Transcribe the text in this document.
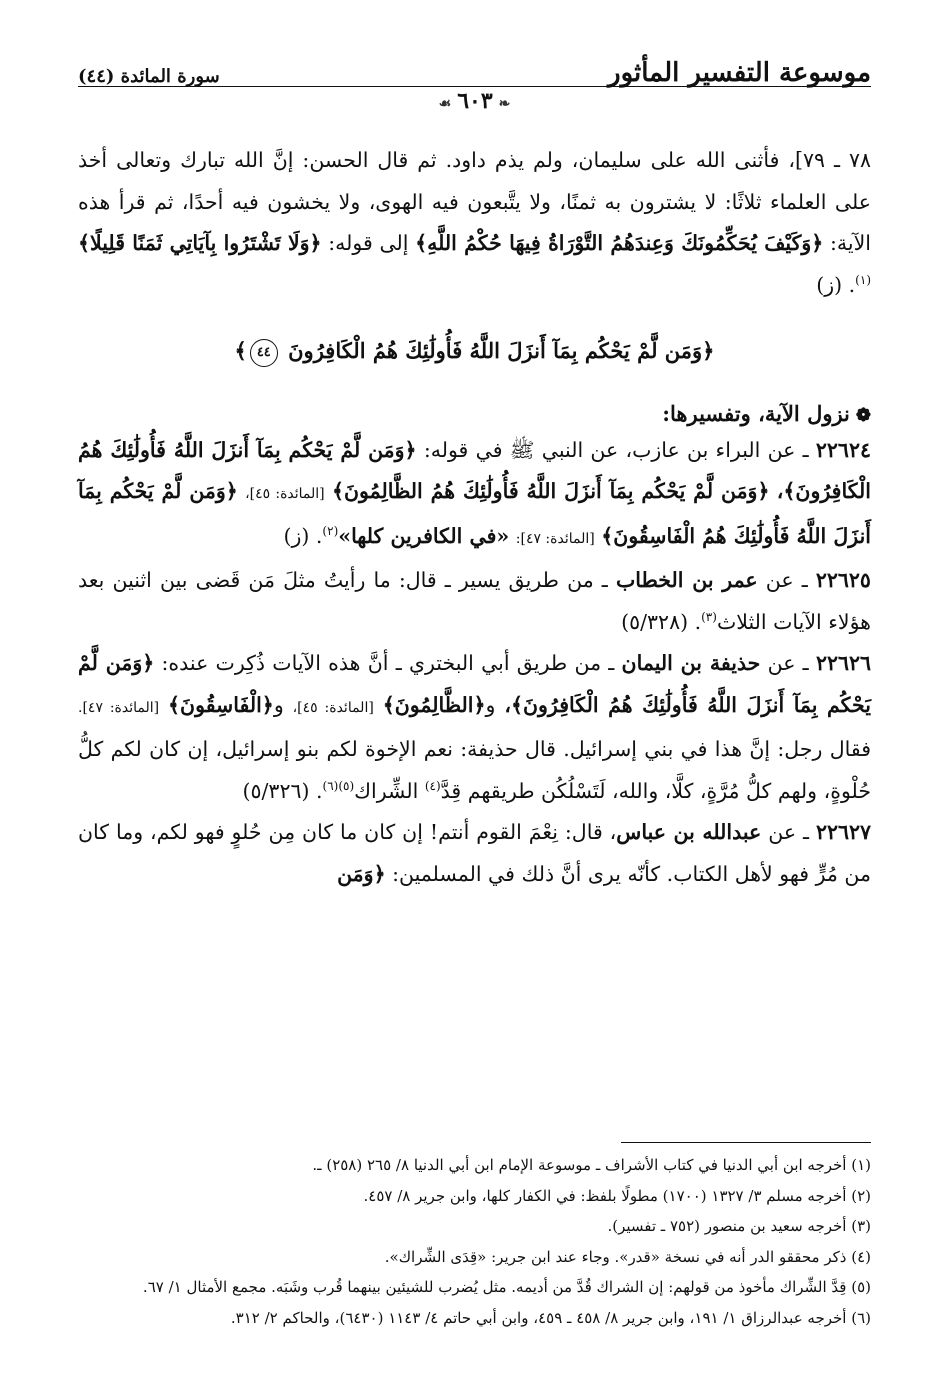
موسوعة التفسير المأثور
سورة المائدة (٤٤)
❧٦٠٣☙

٧٨ ـ ٧٩]، فأثنى الله على سليمان، ولم يذم داود. ثم قال الحسن: إنَّ الله تبارك وتعالى أخذ على العلماء ثلاثًا: لا يشترون به ثمنًا، ولا يتَّبعون فيه الهوى، ولا يخشون فيه أحدًا، ثم قرأ هذه الآية: ﴿وَكَيْفَ يُحَكِّمُونَكَ وَعِندَهُمُ التَّوْرَاةُ فِيهَا حُكْمُ اللَّهِ﴾ إلى قوله: ﴿وَلَا تَشْتَرُوا بِآيَاتِي ثَمَنًا قَلِيلًا﴾$^{(١)}$. (ز)

﴿وَمَن لَّمْ يَحْكُم بِمَآ أَنزَلَ اللَّهُ فَأُولَٰئِكَ هُمُ الْكَافِرُونَ ٤٤﴾
❁نزول الآية، وتفسيرها:

٢٢٦٢٤ ـ عن البراء بن عازب، عن النبي ﷺ في قوله: ﴿وَمَن لَّمْ يَحْكُم بِمَآ أَنزَلَ اللَّهُ فَأُولَٰئِكَ هُمُ الْكَافِرُونَ﴾، ﴿وَمَن لَّمْ يَحْكُم بِمَآ أَنزَلَ اللَّهُ فَأُولَٰئِكَ هُمُ الظَّالِمُونَ﴾ [المائدة: ٤٥]، ﴿وَمَن لَّمْ يَحْكُم بِمَآ أَنزَلَ اللَّهُ فَأُولَٰئِكَ هُمُ الْفَاسِقُونَ﴾ [المائدة: ٤٧]: «في الكافرين كلها»$^{(٢)}$. (ز)

٢٢٦٢٥ ـ عن عمر بن الخطاب ـ من طريق يسير ـ قال: ما رأيتُ مثلَ مَن قَضى بين اثنين بعد هؤلاء الآيات الثلاث$^{(٣)}$. (٥/٣٢٨)

٢٢٦٢٦ ـ عن حذيفة بن اليمان ـ من طريق أبي البختري ـ أنَّ هذه الآيات ذُكِرت عنده: ﴿وَمَن لَّمْ يَحْكُم بِمَآ أَنزَلَ اللَّهُ فَأُولَٰئِكَ هُمُ الْكَافِرُونَ﴾، و﴿الظَّالِمُونَ﴾ [المائدة: ٤٥]، و﴿الْفَاسِقُونَ﴾ [المائدة: ٤٧]. فقال رجل: إنَّ هذا في بني إسرائيل. قال حذيفة: نعم الإخوة لكم بنو إسرائيل، إن كان لكم كلُّ حُلْوةٍ، ولهم كلُّ مُرَّةٍ، كلَّا، والله، لَتَسْلُكُن طريقهم قِدَّ$^{(٤)}$ الشِّراك$^{(٥)(٦)}$. (٥/٣٢٦)

٢٢٦٢٧ ـ عن عبدالله بن عباس، قال: نِعْمَ القوم أنتم! إن كان ما كان مِن حُلوٍ فهو لكم، وما كان من مُرٍّ فهو لأهل الكتاب. كأنّه يرى أنَّ ذلك في المسلمين: ﴿وَمَن

(١) أخرجه ابن أبي الدنيا في كتاب الأشراف ـ موسوعة الإمام ابن أبي الدنيا ٨/ ٢٦٥ (٢٥٨) ـ.

(٢) أخرجه مسلم ٣/ ١٣٢٧ (١٧٠٠) مطولًا بلفظ: في الكفار كلها، وابن جرير ٨/ ٤٥٧.

(٣) أخرجه سعيد بن منصور (٧٥٢ ـ تفسير).

(٤) ذكر محققو الدر أنه في نسخة «قدر». وجاء عند ابن جرير: «قِدَى الشِّراك».

(٥) قِدَّ الشِّراك مأخوذ من قولهم: إن الشراك قُدَّ من أديمه. مثل يُضرب للشيئين بينهما قُرب وشَبَه. مجمع الأمثال ١/ ٦٧.

(٦) أخرجه عبدالرزاق ١/ ١٩١، وابن جرير ٨/ ٤٥٨ ـ ٤٥٩، وابن أبي حاتم ٤/ ١١٤٣ (٦٤٣٠)، والحاكم ٢/ ٣١٢.
